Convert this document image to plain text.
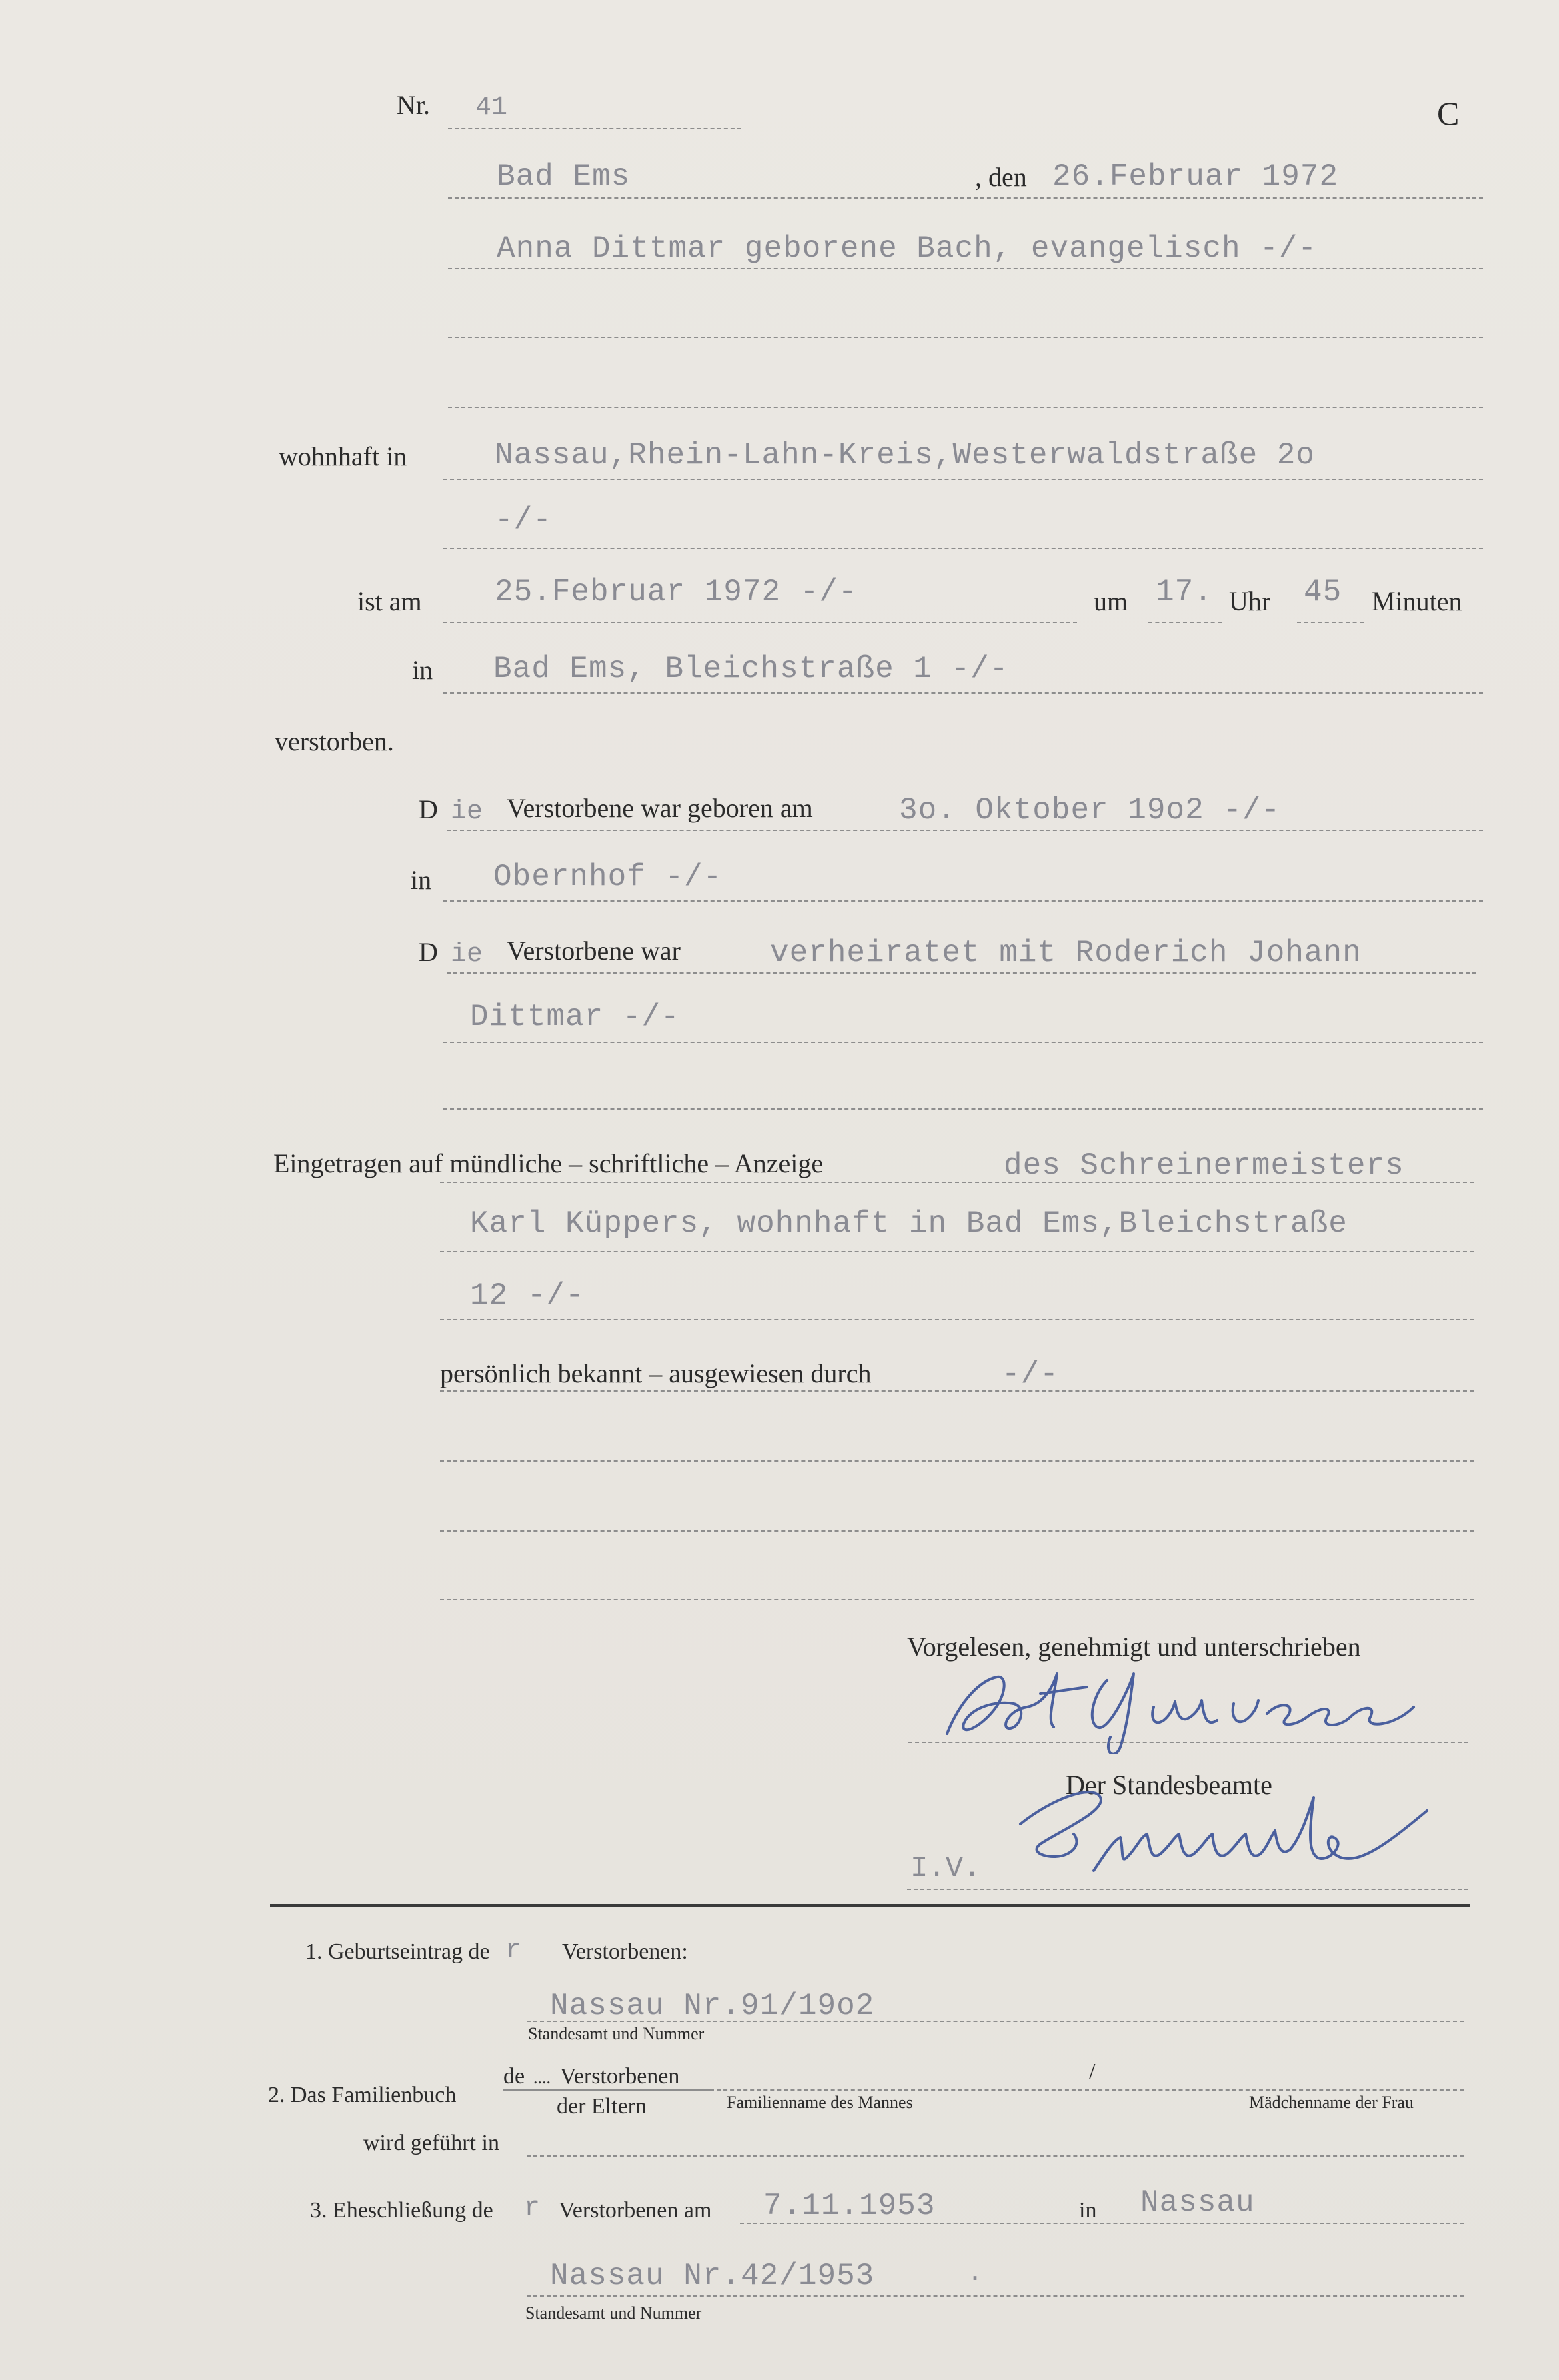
Nr. 41	C
Bad Ems	, den 26.Februar 1972
Anna Dittmar geborene Bach, evangelisch -/-
wohnhaft in	Nassau,Rhein-Lahn-Kreis,Westerwaldstraße 2o
-/-
ist am 25.Februar 1972 -/-	um 17. Uhr 45 Minuten
in Bad Ems, Bleichstraße 1 -/-
verstorben.
D ie Verstorbene war geboren am	3o. Oktober 19o2 -/-
in Obernhof -/-
D ie Verstorbene war	verheiratet mit Roderich Johann
Dittmar -/-
Eingetragen auf mündliche – schriftliche – Anzeige	des Schreinermeisters
Karl Küppers, wohnhaft in Bad Ems,Bleichstraße
12 -/-
persönlich bekannt – ausgewiesen durch	-/-
Vorgelesen, genehmigt und unterschrieben
Der Standesbeamte
I.V.
1. Geburtseintrag de r Verstorbenen:
Nassau Nr.91/19o2
Standesamt und Nummer
2. Das Familienbuch
de .... Verstorbenen
der Eltern	Familienname des Mannes
/
Mädchenname der Frau
wird geführt in
3. Eheschließung de r Verstorbenen am 7.11.1953	in Nassau
Nassau Nr.42/1953	.
Standesamt und Nummer
